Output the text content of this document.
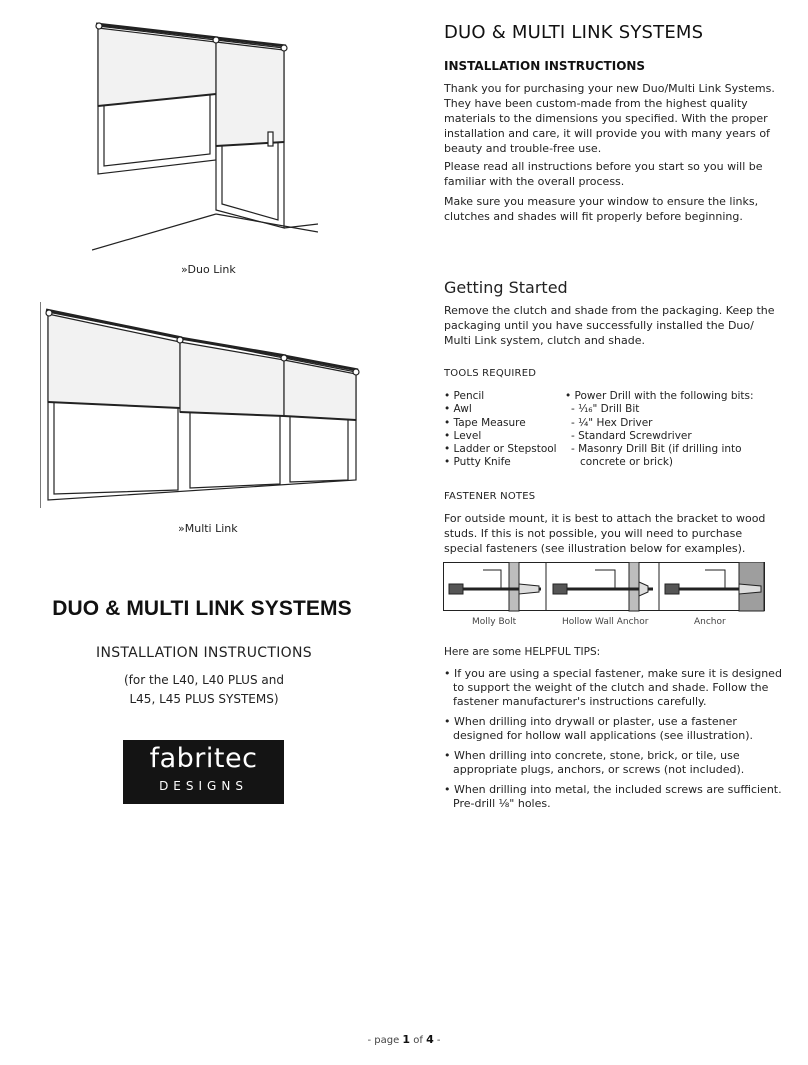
»Duo Link
»Multi Link
DUO & MULTI LINK SYSTEMS
INSTALLATION INSTRUCTIONS
(for the L40, L40 PLUS and
L45, L45 PLUS SYSTEMS)
fabritec
DESIGNS
DUO & MULTI LINK SYSTEMS
INSTALLATION INSTRUCTIONS

Thank you for purchasing your new Duo/Multi Link Systems. They have been custom-made from the highest quality materials to the dimensions you specified. With the proper installation and care, it will provide you with many years of beauty and trouble-free use.

Please read all instructions before you start so you will be familiar with the overall process.

Make sure you measure your window to ensure the links, clutches and shades will fit properly before beginning.

Getting Started

Remove the clutch and shade from the packaging. Keep the packaging until you have successfully installed the Duo/ Multi Link system, clutch and shade.

TOOLS REQUIRED
• Pencil
• Awl
• Tape Measure
• Level
• Ladder or Stepstool
• Putty Knife
• Power Drill with the following bits:
- ¹⁄₁₆" Drill Bit
- ¼" Hex Driver
- Standard Screwdriver
- Masonry Drill Bit (if drilling into
concrete or brick)
FASTENER NOTES

For outside mount, it is best to attach the bracket to wood studs. If this is not possible, you will need to purchase special fasteners (see illustration below for examples).

Molly Bolt	Hollow Wall Anchor	Anchor
Here are some HELPFUL TIPS:
• If you are using a special fastener, make sure it is designed to support the weight of the clutch and shade. Follow the fastener manufacturer's instructions carefully.
• When drilling into drywall or plaster, use a fastener designed for hollow wall applications (see illustration).
• When drilling into concrete, stone, brick, or tile, use appropriate plugs, anchors, or screws (not included).
• When drilling into metal, the included screws are sufficient. Pre-drill ⅛" holes.
- page 1 of 4 -
